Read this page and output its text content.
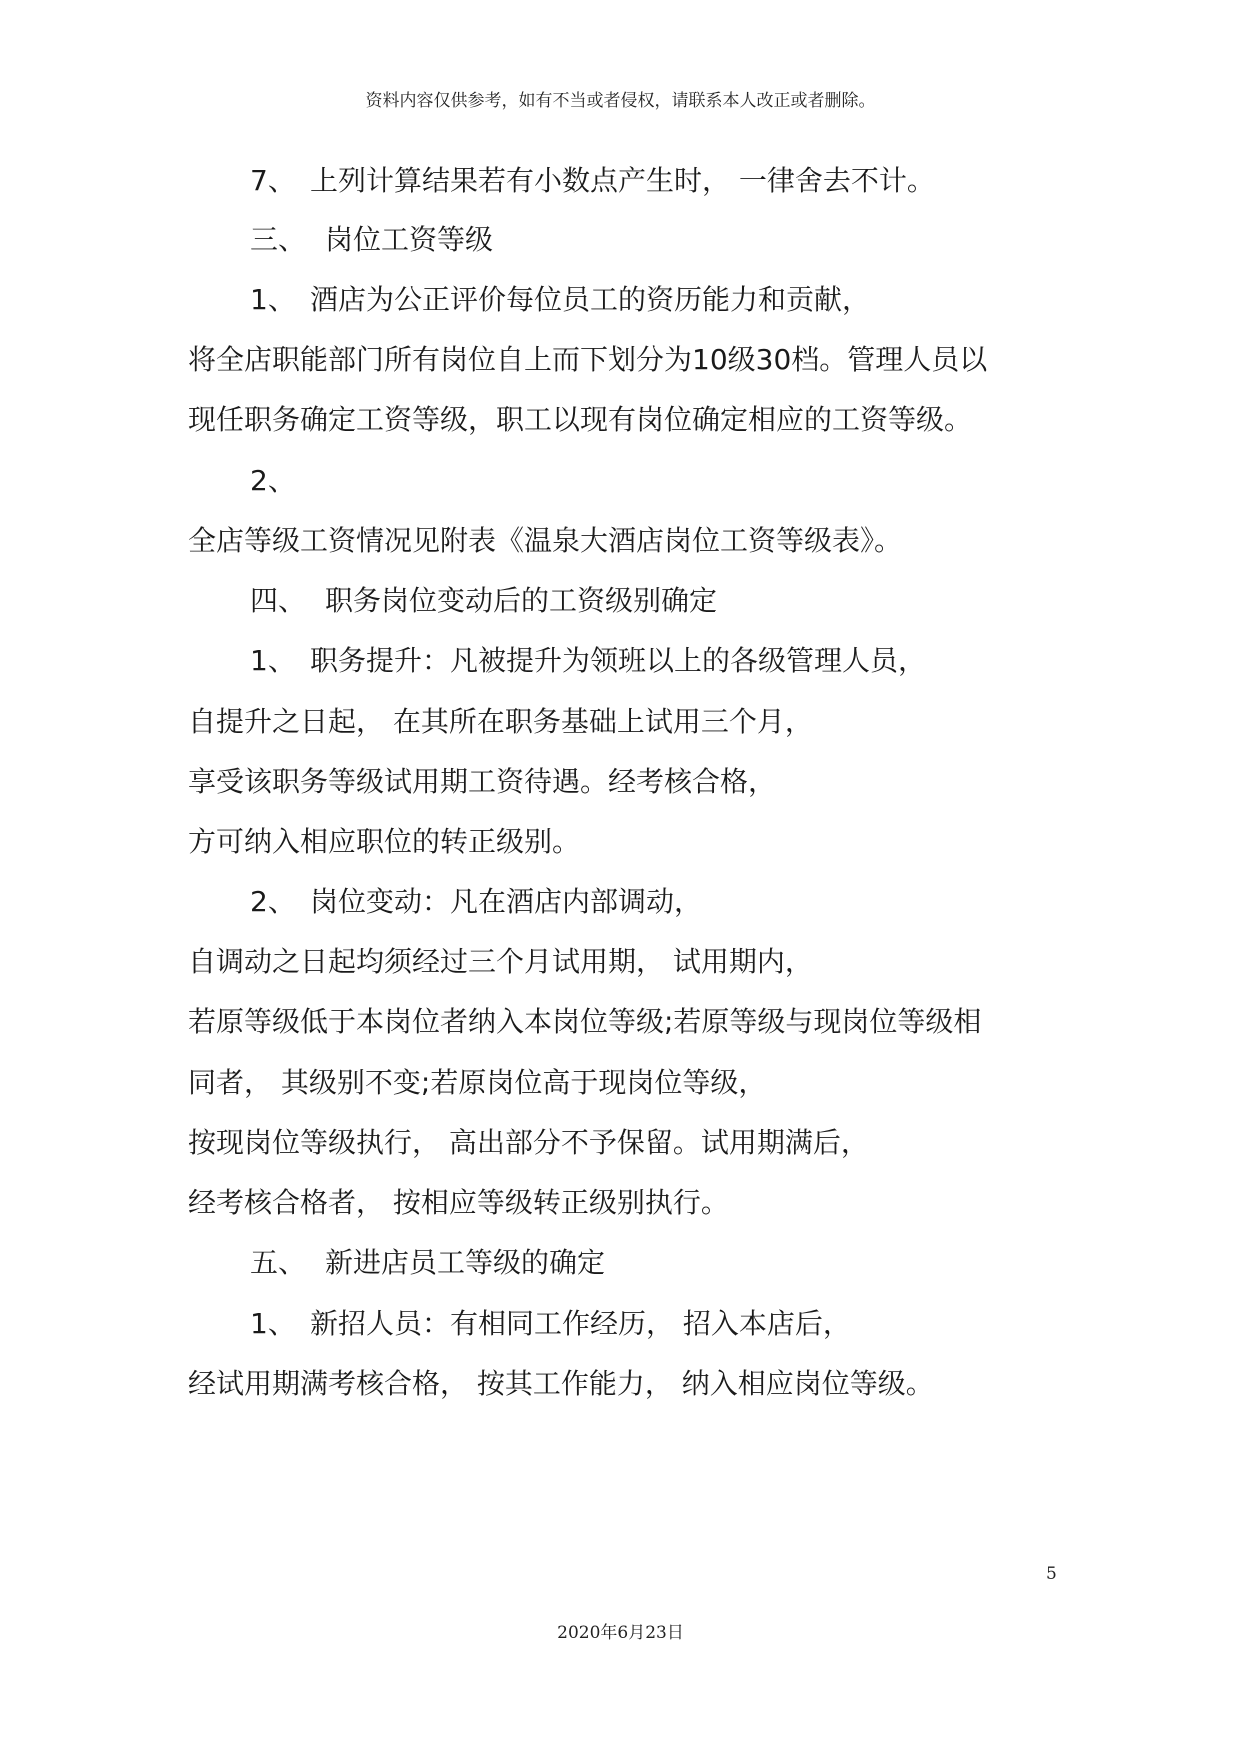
资料内容仅供参考，如有不当或者侵权，请联系本人改正或者删除。
7、 上列计算结果若有小数点产生时， 一律舍去不计。
三、 岗位工资等级
1、 酒店为公正评价每位员工的资历能力和贡献，
将全店职能部门所有岗位自上而下划分为10级30档。管理人员以
现任职务确定工资等级，职工以现有岗位确定相应的工资等级。
2、
全店等级工资情况见附表《温泉大酒店岗位工资等级表》。
四、 职务岗位变动后的工资级别确定
1、 职务提升：凡被提升为领班以上的各级管理人员，
自提升之日起， 在其所在职务基础上试用三个月，
享受该职务等级试用期工资待遇。经考核合格，
方可纳入相应职位的转正级别。
2、 岗位变动：凡在酒店内部调动，
自调动之日起均须经过三个月试用期， 试用期内，
若原等级低于本岗位者纳入本岗位等级;若原等级与现岗位等级相
同者， 其级别不变;若原岗位高于现岗位等级，
按现岗位等级执行， 高出部分不予保留。试用期满后，
经考核合格者， 按相应等级转正级别执行。
五、 新进店员工等级的确定
1、 新招人员：有相同工作经历， 招入本店后，
经试用期满考核合格， 按其工作能力， 纳入相应岗位等级。
5
2020年6月23日
